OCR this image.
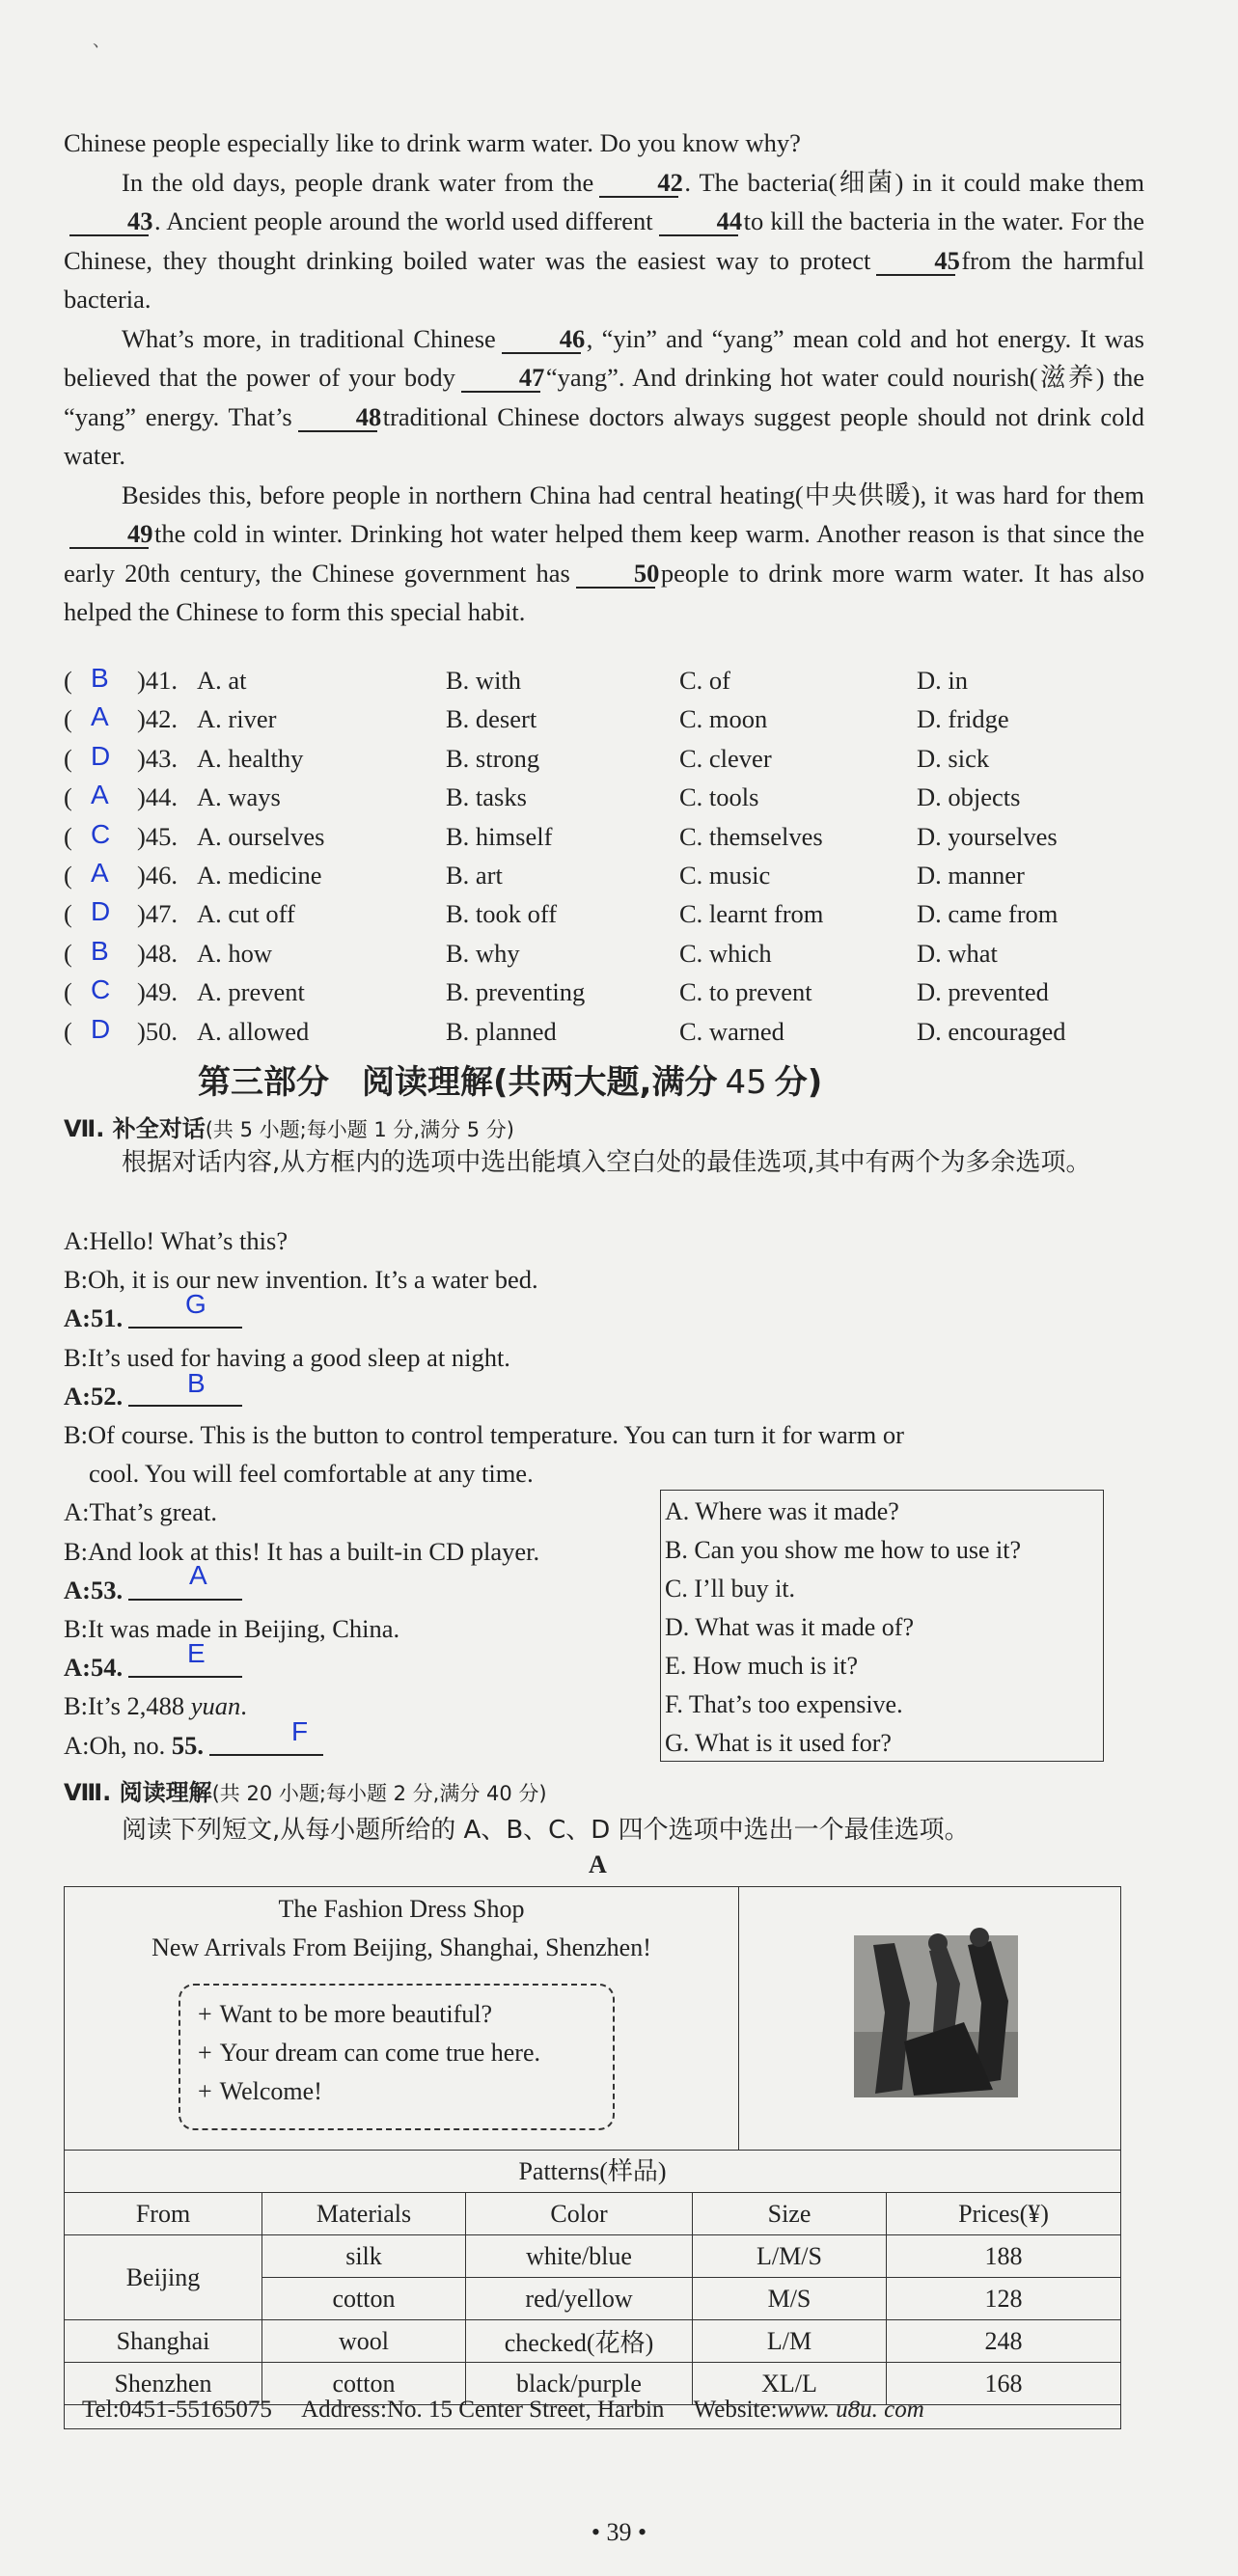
、

Chinese people especially like to drink warm water. Do you know why?

In the old days, people drank water from the 42. The bacteria(细菌) in it could make them43. Ancient people around the world used different 44to kill the bacteria in the water. For the Chinese, they thought drinking boiled water was the easiest way to protect 45from the harmful bacteria.

What’s more, in traditional Chinese 46, “yin” and “yang” mean cold and hot energy. It was believed that the power of your body 47“yang”. And drinking hot water could nourish(滋养) the “yang” energy. That’s 48traditional Chinese doctors always suggest people should not drink cold water.

Besides this, before people in northern China had central heating(中央供暖), it was hard for them49the cold in winter. Drinking hot water helped them keep warm. Another reason is that since the early 20th century, the Chinese government has 50people to drink more warm water. It has also helped the Chinese to form this special habit.

( B )41. A. at	B. with	C. of	D. in
( A )42. A. river	B. desert	C. moon	D. fridge
( D )43. A. healthy	B. strong	C. clever	D. sick
( A )44. A. ways	B. tasks	C. tools	D. objects
( C )45. A. ourselves	B. himself	C. themselves	D. yourselves
( A )46. A. medicine	B. art	C. music	D. manner
( D )47. A. cut off	B. took off	C. learnt from	D. came from
( B )48. A. how	B. why	C. which	D. what
( C )49. A. prevent	B. preventing	C. to prevent	D. prevented
( D )50. A. allowed	B. planned	C. warned	D. encouraged
第三部分　阅读理解(共两大题,满分 45 分)
Ⅶ. 补全对话(共 5 小题;每小题 1 分,满分 5 分)
根据对话内容,从方框内的选项中选出能填入空白处的最佳选项,其中有两个为多余选项。
A:Hello! What’s this?
B:Oh, it is our new invention. It’s a water bed.
A:51.
B:It’s used for having a good sleep at night.
A:52.
B:Of course. This is the button to control temperature. You can turn it for warm or
cool. You will feel comfortable at any time.
A:That’s great.
B:And look at this! It has a built-in CD player.
A:53.
B:It was made in Beijing, China.
A:54.
B:It’s 2,488 yuan.
A:Oh, no. 55.
G
B
A
E
F
A. Where was it made?
B. Can you show me how to use it?
C. I’ll buy it.
D. What was it made of?
E. How much is it?
F. That’s too expensive.
G. What is it used for?
Ⅷ. 阅读理解(共 20 小题;每小题 2 分,满分 40 分)
阅读下列短文,从每小题所给的 A、B、C、D 四个选项中选出一个最佳选项。
A
The Fashion Dress Shop
New Arrivals From Beijing, Shanghai, Shenzhen!
+ Want to be more beautiful?
+ Your dream can come true here.
+ Welcome!
Patterns(样品)
From	Materials	Color	Size	Prices(¥)
Beijing	silk	white/blue	L/M/S	188
	cotton	red/yellow	M/S	128
Shanghai	wool	checked(花格)	L/M	248
Shenzhen	cotton	black/purple	XL/L	168
Tel:0451-55165075 Address:No. 15 Center Street, Harbin Website:www. u8u. com
• 39 •
